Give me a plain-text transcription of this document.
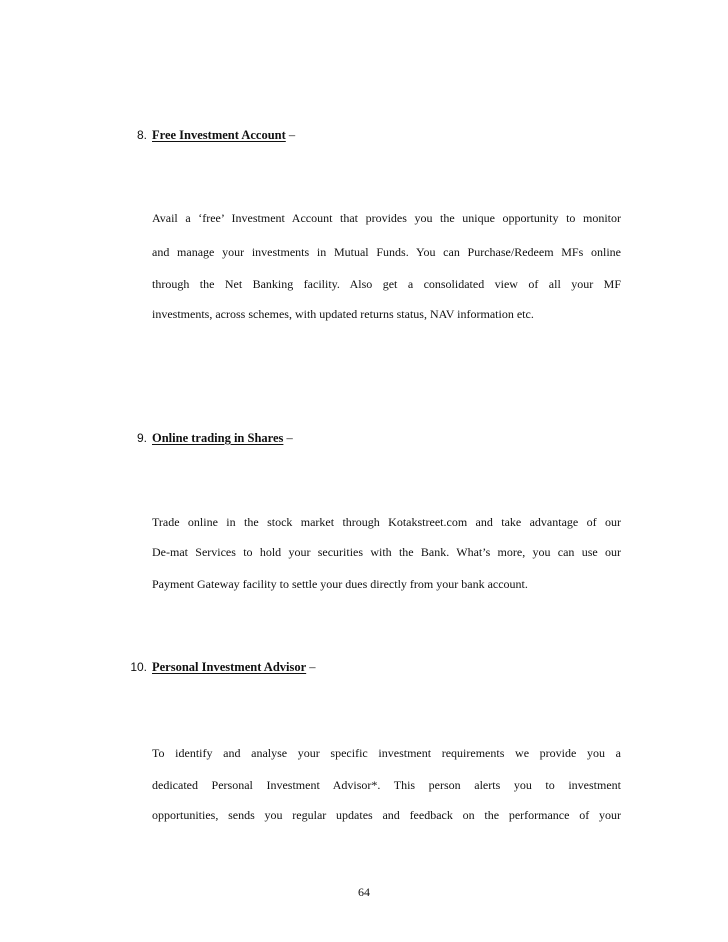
8. Free Investment Account –
Avail a ‘free’ Investment Account that provides you the unique opportunity to monitor
and manage your investments in Mutual Funds. You can Purchase/Redeem MFs online
through the Net Banking facility. Also get a consolidated view of all your MF
investments, across schemes, with updated returns status, NAV information etc.
9. Online trading in Shares –
Trade online in the stock market through Kotakstreet.com and take advantage of our
De-mat Services to hold your securities with the Bank. What’s more, you can use our
Payment Gateway facility to settle your dues directly from your bank account.
10. Personal Investment Advisor –
To identify and analyse your specific investment requirements we provide you a
dedicated Personal Investment Advisor*. This person alerts you to investment
opportunities, sends you regular updates and feedback on the performance of your
64
